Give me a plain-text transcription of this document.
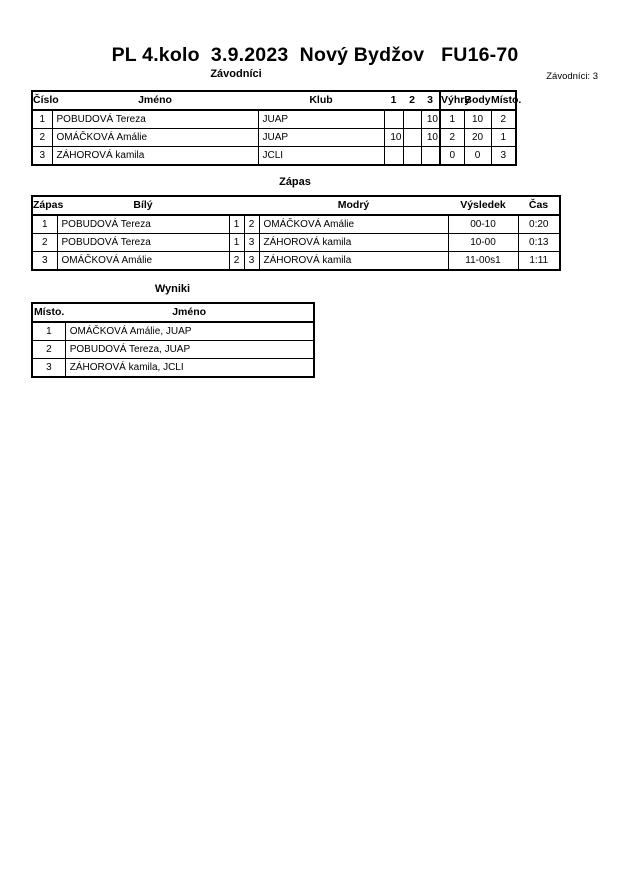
PL 4.kolo  3.9.2023  Nový Bydžov   FU16-70
Závodníci	Závodníci: 3
Číslo	Jméno	Klub	1	2	3	Výhry	Body	Místo.
1	POBUDOVÁ Tereza	JUAP			10	1	10	2
2	OMÁČKOVÁ Amálie	JUAP	10		10	2	20	1
3	ZÁHOROVÁ kamila	JCLI				0	0	3
Zápas
Zápas	Bílý			Modrý	Výsledek	Čas
1	POBUDOVÁ Tereza	1	2	OMÁČKOVÁ Amálie	00-10	0:20
2	POBUDOVÁ Tereza	1	3	ZÁHOROVÁ kamila	10-00	0:13
3	OMÁČKOVÁ Amálie	2	3	ZÁHOROVÁ kamila	11-00s1	1:11
Wyniki
Místo.	Jméno
1	OMÁČKOVÁ Amálie, JUAP
2	POBUDOVÁ Tereza, JUAP
3	ZÁHOROVÁ kamila, JCLI
